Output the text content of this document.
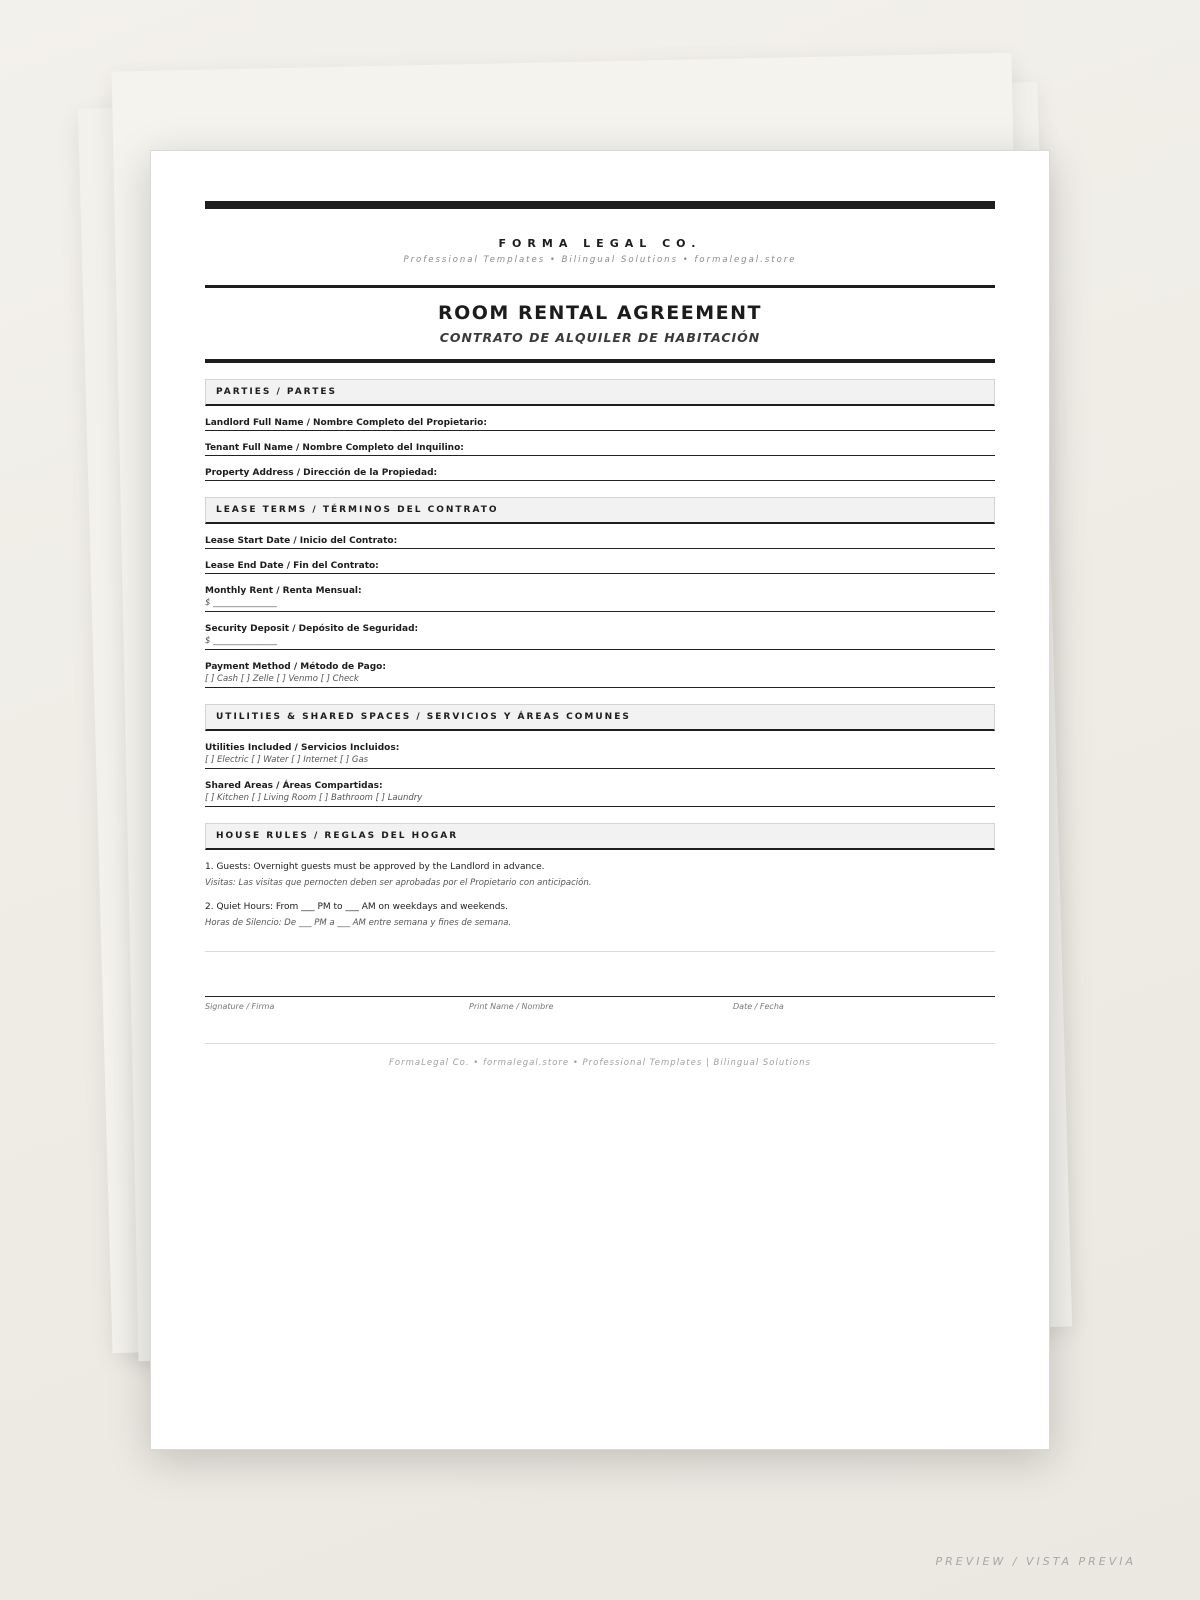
FORMA LEGAL CO.
Professional Templates • Bilingual Solutions • formalegal.store
ROOM RENTAL AGREEMENT
CONTRATO DE ALQUILER DE HABITACIÓN
PARTIES / PARTES
Landlord Full Name / Nombre Completo del Propietario:
Tenant Full Name / Nombre Completo del Inquilino:
Property Address / Dirección de la Propiedad:
LEASE TERMS / TÉRMINOS DEL CONTRATO
Lease Start Date / Inicio del Contrato:
Lease End Date / Fin del Contrato:
Monthly Rent / Renta Mensual:
$ _______________
Security Deposit / Depósito de Seguridad:
$ _______________
Payment Method / Método de Pago:
[ ] Cash [ ] Zelle [ ] Venmo [ ] Check
UTILITIES & SHARED SPACES / SERVICIOS Y ÁREAS COMUNES
Utilities Included / Servicios Incluidos:
[ ] Electric [ ] Water [ ] Internet [ ] Gas
Shared Areas / Áreas Compartidas:
[ ] Kitchen [ ] Living Room [ ] Bathroom [ ] Laundry
HOUSE RULES / REGLAS DEL HOGAR
1. Guests: Overnight guests must be approved by the Landlord in advance.
Visitas: Las visitas que pernocten deben ser aprobadas por el Propietario con anticipación.
2. Quiet Hours: From ___ PM to ___ AM on weekdays and weekends.
Horas de Silencio: De ___ PM a ___ AM entre semana y fines de semana.
Signature / Firma	Print Name / Nombre	Date / Fecha
FormaLegal Co. • formalegal.store • Professional Templates | Bilingual Solutions
PREVIEW / VISTA PREVIA
